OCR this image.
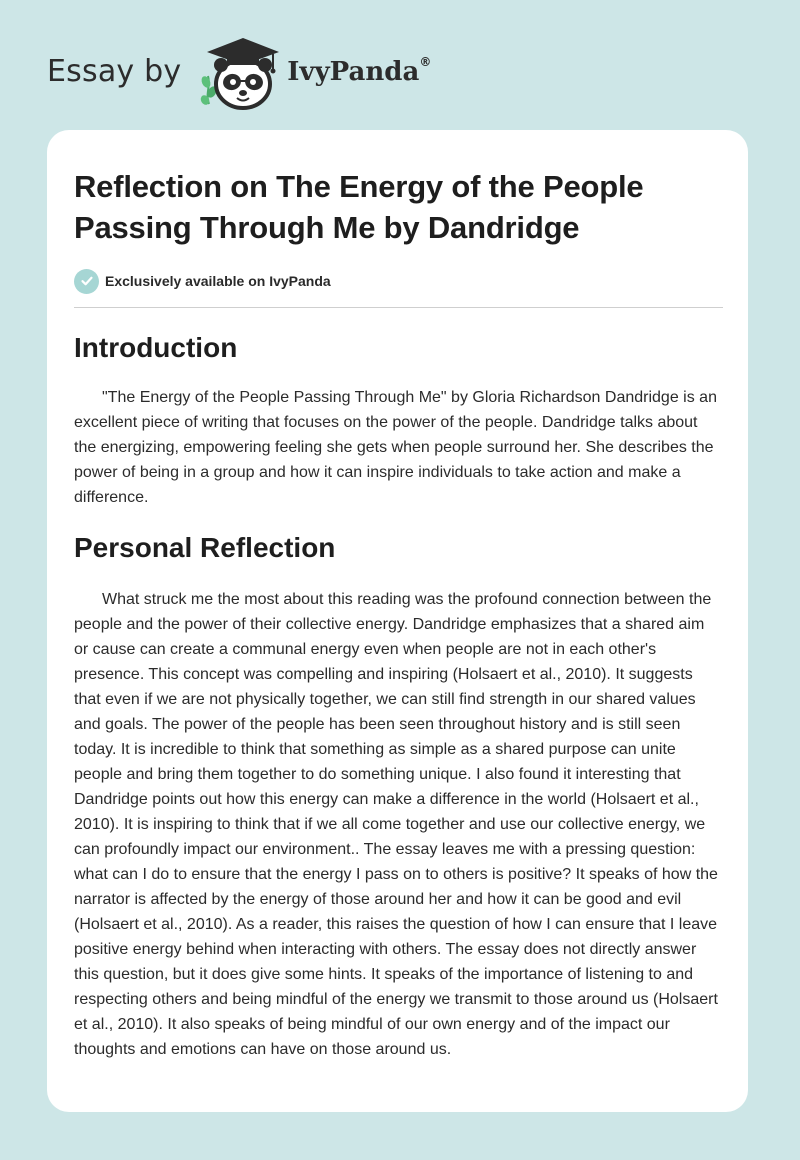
Essay by	IvyPanda®
Reflection on The Energy of the People Passing Through Me by Dandridge
Exclusively available on IvyPanda
Introduction

"The Energy of the People Passing Through Me" by Gloria Richardson Dandridge is an excellent piece of writing that focuses on the power of the people. Dandridge talks about the energizing, empowering feeling she gets when people surround her. She describes the power of being in a group and how it can inspire individuals to take action and make a difference.

Personal Reflection

What struck me the most about this reading was the profound connection between the people and the power of their collective energy. Dandridge emphasizes that a shared aim or cause can create a communal energy even when people are not in each other's presence. This concept was compelling and inspiring (Holsaert et al., 2010). It suggests that even if we are not physically together, we can still find strength in our shared values and goals. The power of the people has been seen throughout history and is still seen today. It is incredible to think that something as simple as a shared purpose can unite people and bring them together to do something unique. I also found it interesting that Dandridge points out how this energy can make a difference in the world (Holsaert et al., 2010). It is inspiring to think that if we all come together and use our collective energy, we can profoundly impact our environment.. The essay leaves me with a pressing question: what can I do to ensure that the energy I pass on to others is positive? It speaks of how the narrator is affected by the energy of those around her and how it can be good and evil (Holsaert et al., 2010). As a reader, this raises the question of how I can ensure that I leave positive energy behind when interacting with others. The essay does not directly answer this question, but it does give some hints. It speaks of the importance of listening to and respecting others and being mindful of the energy we transmit to those around us (Holsaert et al., 2010). It also speaks of being mindful of our own energy and of the impact our thoughts and emotions can have on those around us.
